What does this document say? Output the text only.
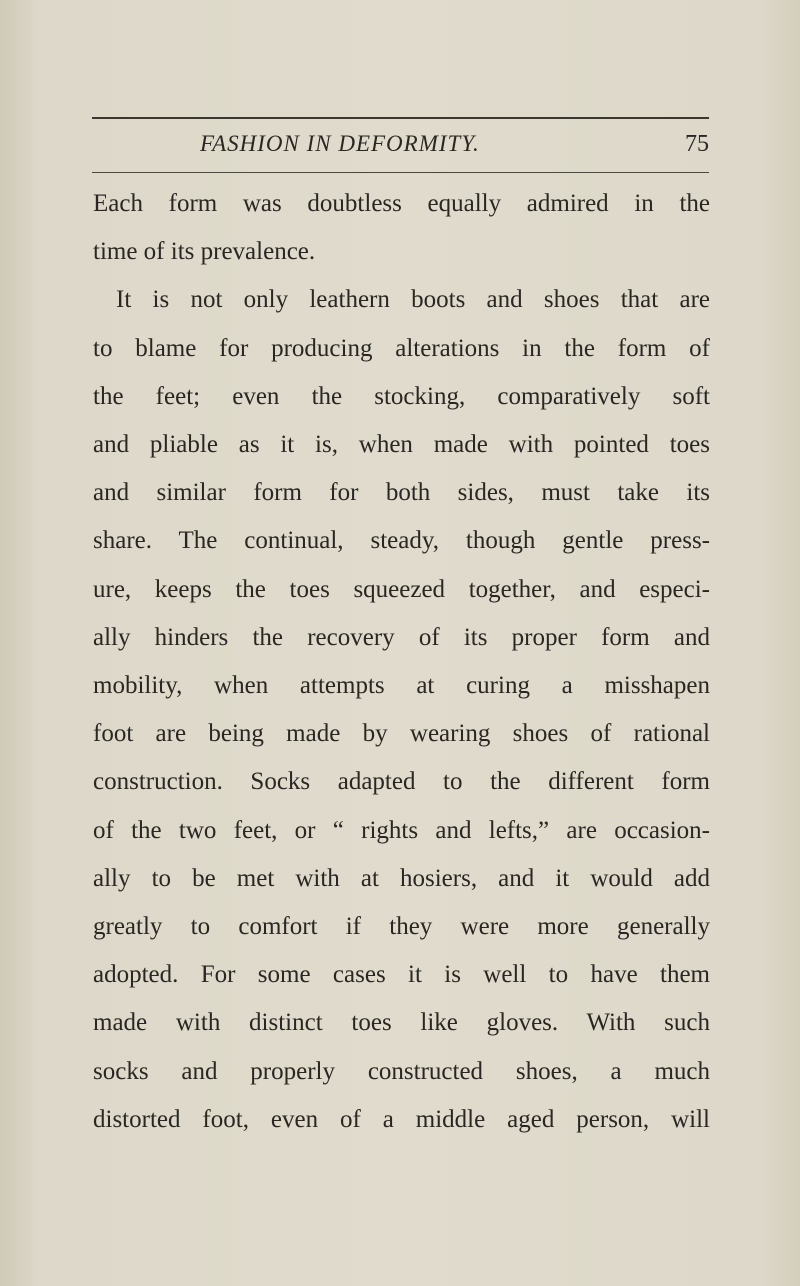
FASHION IN DEFORMITY.	75
Each form was doubtless equally admired in the
time of its prevalence.
It is not only leathern boots and shoes that are
to blame for producing alterations in the form of
the feet; even the stocking, comparatively soft
and pliable as it is, when made with pointed toes
and similar form for both sides, must take its
share. The continual, steady, though gentle press-
ure, keeps the toes squeezed together, and especi-
ally hinders the recovery of its proper form and
mobility, when attempts at curing a misshapen
foot are being made by wearing shoes of rational
construction. Socks adapted to the different form
of the two feet, or “ rights and lefts,” are occasion-
ally to be met with at hosiers, and it would add
greatly to comfort if they were more generally
adopted. For some cases it is well to have them
made with distinct toes like gloves. With such
socks and properly constructed shoes, a much
distorted foot, even of a middle aged person, will
